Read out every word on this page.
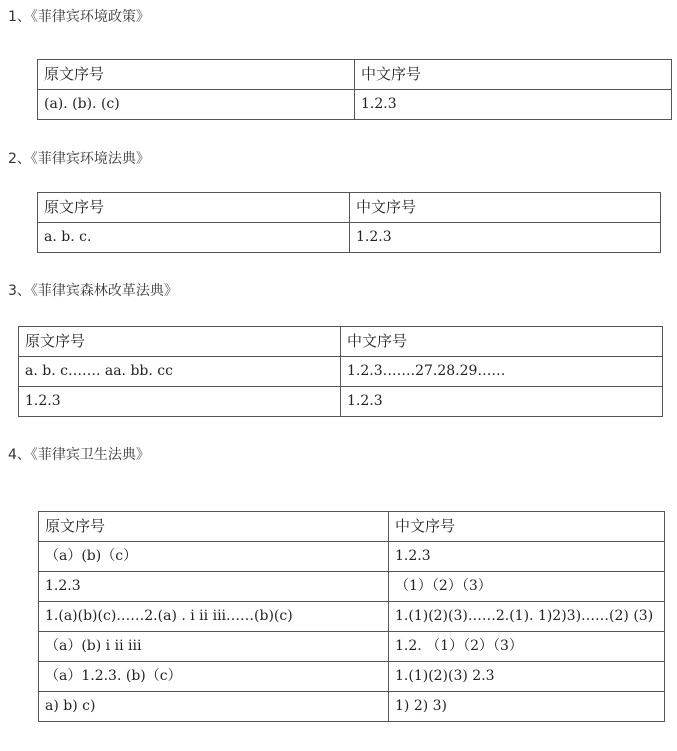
1、《菲律宾环境政策》
原文序号	中文序号
(a). (b). (c)	1.2.3
2、《菲律宾环境法典》
原文序号	中文序号
a. b. c.	1.2.3
3、《菲律宾森林改革法典》
原文序号	中文序号
a. b. c……. aa. bb. cc	1.2.3…….27.28.29……
1.2.3	1.2.3
4、《菲律宾卫生法典》
原文序号	中文序号
（a）(b)（c）	1.2.3
1.2.3	（1）（2）（3）
1.(a)(b)(c)……2.(a) . i ii iii……(b)(c)	1.(1)(2)(3)……2.(1). 1)2)3)……(2) (3)
（a）(b) i ii iii	1.2. （1）（2）（3）
（a）1.2.3. (b)（c）	1.(1)(2)(3) 2.3
a) b) c)	1) 2) 3)
